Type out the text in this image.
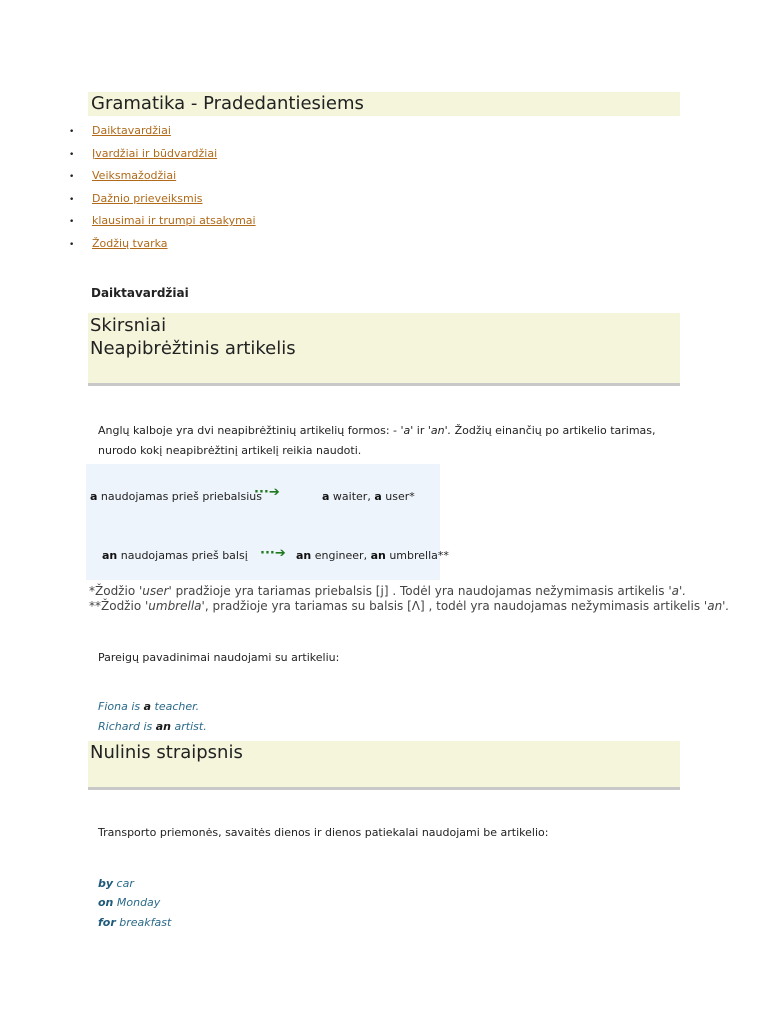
Gramatika - Pradedantiesiems
• Daiktavardžiai
• Įvardžiai ir būdvardžiai
• Veiksmažodžiai
• Dažnio prieveiksmis
• klausimai ir trumpi atsakymai
• Žodžių tvarka
Daiktavardžiai
Skirsniai
Neapibrėžtinis artikelis
Anglų kalboje yra dvi neapibrėžtinių artikelių formos: - 'a' ir 'an'. Žodžių einančių po artikelio tarimas, nurodo kokį neapibrėžtinį artikelį reikia naudoti.
a naudojamas prieš priebalsius
···➔	a waiter, a user*
an naudojamas prieš balsį ···➔ an engineer, an umbrella**
*Žodžio 'user' pradžioje yra tariamas priebalsis [j] . Todėl yra naudojamas nežymimasis artikelis 'a'.
**Žodžio 'umbrella', pradžioje yra tariamas su balsis [Λ] , todėl yra naudojamas nežymimasis artikelis 'an'.
Pareigų pavadinimai naudojami su artikeliu:
Fiona is a teacher.
Richard is an artist.
Nulinis straipsnis
Transporto priemonės, savaitės dienos ir dienos patiekalai naudojami be artikelio:
by car
on Monday
for breakfast
